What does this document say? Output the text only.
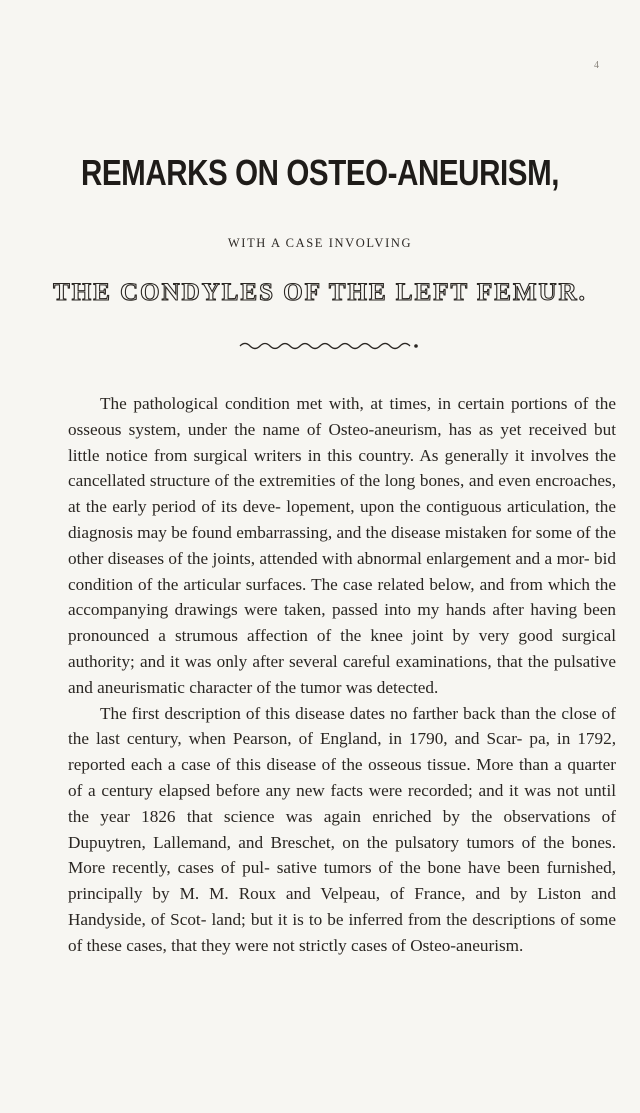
4
REMARKS ON OSTEO-ANEURISM,
WITH A CASE INVOLVING
THE CONDYLES OF THE LEFT FEMUR.

The pathological condition met with, at times, in certain portions of the osseous system, under the name of Osteo-aneurism, has as yet received but little notice from surgical writers in this country. As generally it involves the cancellated structure of the extremities of the long bones, and even encroaches, at the early period of its deve- lopement, upon the contiguous articulation, the diagnosis may be found embarrassing, and the disease mistaken for some of the other diseases of the joints, attended with abnormal enlargement and a mor- bid condition of the articular surfaces. The case related below, and from which the accompanying drawings were taken, passed into my hands after having been pronounced a strumous affection of the knee joint by very good surgical authority; and it was only after several careful examinations, that the pulsative and aneurismatic character of the tumor was detected.

The first description of this disease dates no farther back than the close of the last century, when Pearson, of England, in 1790, and Scar- pa, in 1792, reported each a case of this disease of the osseous tissue. More than a quarter of a century elapsed before any new facts were recorded; and it was not until the year 1826 that science was again enriched by the observations of Dupuytren, Lallemand, and Breschet, on the pulsatory tumors of the bones. More recently, cases of pul- sative tumors of the bone have been furnished, principally by M. M. Roux and Velpeau, of France, and by Liston and Handyside, of Scot- land; but it is to be inferred from the descriptions of some of these cases, that they were not strictly cases of Osteo-aneurism.
